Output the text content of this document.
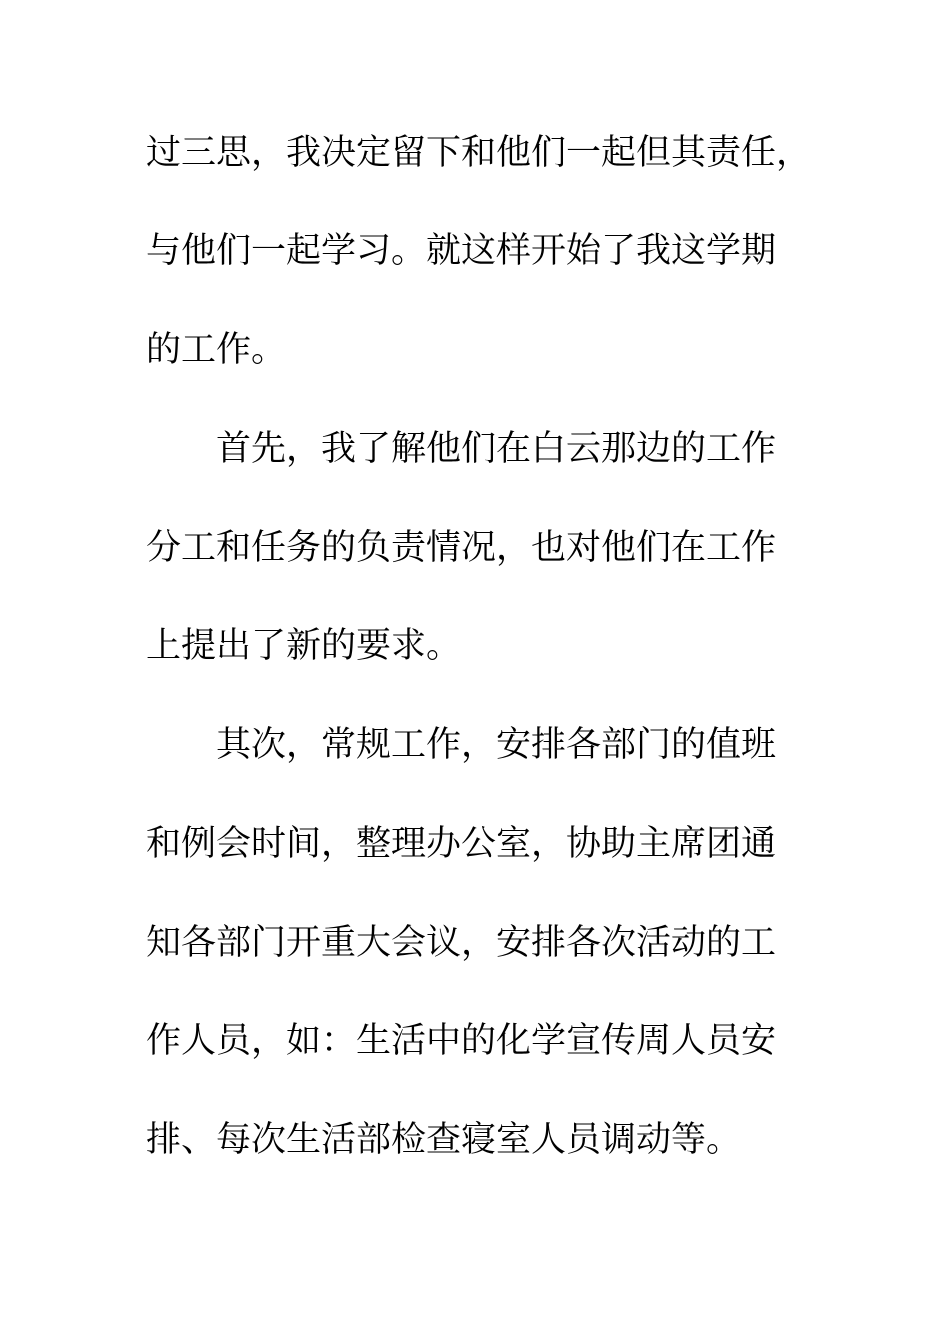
过三思，我决定留下和他们一起但其责任，
与他们一起学习。就这样开始了我这学期
的工作。
首先，我了解他们在白云那边的工作
分工和任务的负责情况，也对他们在工作
上提出了新的要求。
其次，常规工作，安排各部门的值班
和例会时间，整理办公室，协助主席团通
知各部门开重大会议，安排各次活动的工
作人员，如：生活中的化学宣传周人员安
排、每次生活部检查寝室人员调动等。
